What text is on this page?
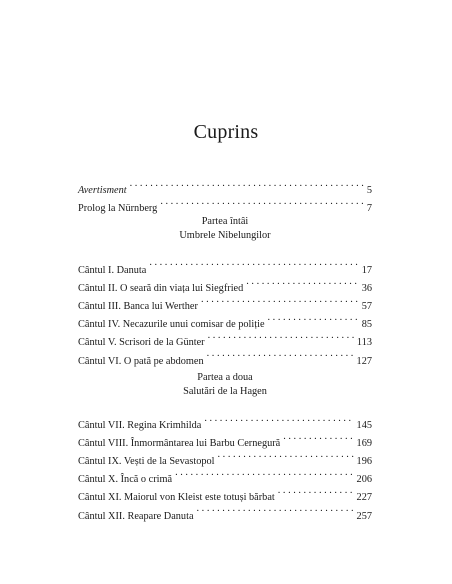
Cuprins
Avertisment . . .	5
Prolog la Nürnberg . . .	7
Partea întâi
Umbrele Nibelungilor
Cântul I. Danuta . . .	17
Cântul II. O seară din viața lui Siegfried . . .	36
Cântul III. Banca lui Werther . . .	57
Cântul IV. Necazurile unui comisar de poliție . . .	85
Cântul V. Scrisori de la Günter . . .	113
Cântul VI. O pată pe abdomen . . .	127
Partea a doua
Salutări de la Hagen
Cântul VII. Regina Krimhilda . . .	145
Cântul VIII. Înmormântarea lui Barbu Cernegură . . .	169
Cântul IX. Vești de la Sevastopol . . .	196
Cântul X. Încă o crimă . . .	206
Cântul XI. Maiorul von Kleist este totuși bărbat . . .	227
Cântul XII. Reapare Danuta . . .	257
